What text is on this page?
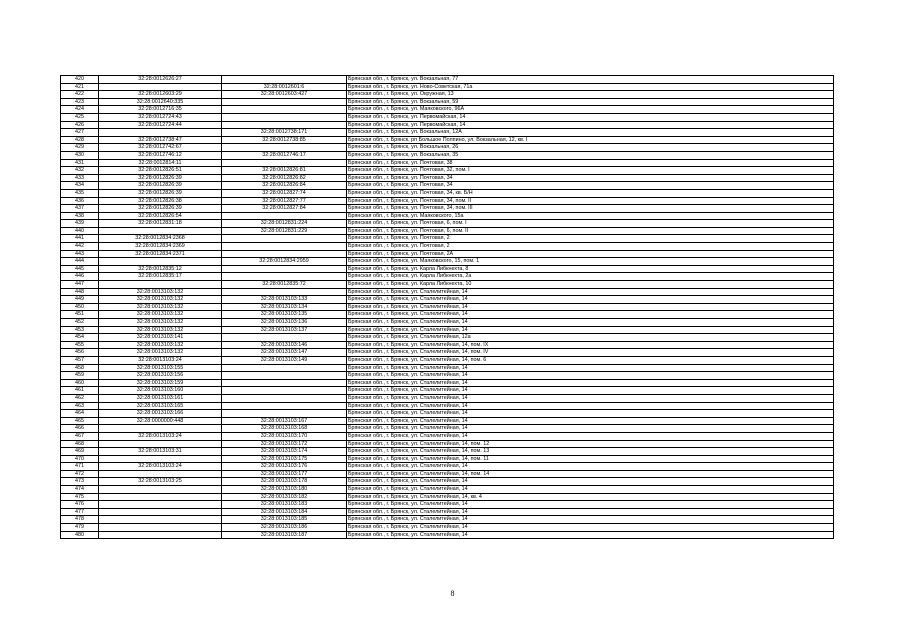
420	32:28:0012626:27		Брянская обл., г. Брянск, ул. Вокзальная, 77
421		32:28:0012601:6	Брянская обл., г. Брянск, ул. Ново-Советская, 71а
422	32:28:0012603:29	32:28:0012603:427	Брянская обл., г. Брянск, ул. Окружная, 13
423	32:28:0012640:335		Брянская обл., г. Брянск, ул. Вокзальная, 59
424	32:28:0012716:35		Брянская обл., г. Брянск, ул. Маяковского, 96А
425	32:28:0012724:43		Брянская обл., г. Брянск, ул. Первомайская, 14
426	32:28:0012724:44		Брянская обл., г. Брянск, ул. Первомайская, 14
427		32:28:0012738:171	Брянская обл., г. Брянск, ул. Вокзальная, 12А
428	32:28:0012738:47	32:28:0012738:85	Брянская обл., г. Брянск, рп Большое Полпино, ул. Вокзальная, 12, кв. I
429	32:28:0012742:67		Брянская обл., г. Брянск, ул. Вокзальная, 26
430	32:28:0012746:12	32:28:0012746:17	Брянская обл., г. Брянск, ул. Вокзальная, 35
431	32:28:0012814:11		Брянская обл., г. Брянск, ул. Почтовая, 38
432	32:28:0012826:51	32:28:0012826:81	Брянская обл., г. Брянск, ул. Почтовая, 32, пом. I
433	32:28:0012826:39	32:28:0012826:82	Брянская обл., г. Брянск, ул. Почтовая, 34
434	32:28:0012826:39	32:28:0012826:84	Брянская обл., г. Брянск, ул. Почтовая, 34
435	32:28:0012826:39	32:28:0012827:74	Брянская обл., г. Брянск, ул. Почтовая, 34, кв. Б/Н
436	32:28:0012826:38	32:28:0012827:77	Брянская обл., г. Брянск, ул. Почтовая, 34, пом. II
437	32:28:0012826:39	32:28:0012827:84	Брянская обл., г. Брянск, ул. Почтовая, 34, пом. III
438	32:28:0012826:54		Брянская обл., г. Брянск, ул. Маяковского, 15а
439	32:28:0012831:18	32:28:0012831:224	Брянская обл., г. Брянск, ул. Почтовая, 6, пом. I
440		32:28:0012831:229	Брянская обл., г. Брянск, ул. Почтовая, 6, пом. II
441	32:28:0012834:2368		Брянская обл., г. Брянск, ул. Почтовая, 2
442	32:28:0012834:2369		Брянская обл., г. Брянск, ул. Почтовая, 2
443	32:28:0012834:2371		Брянская обл., г. Брянск, ул. Почтовая, 2А
444		32:28:0012834:2959	Брянская обл., г. Брянск, ул. Маяковского, 15, пом. 1
445	32:28:0012835:12		Брянская обл., г. Брянск, ул. Карла Либкнехта, 8
446	32:28:0012835:17		Брянская обл., г. Брянск, ул. Карла Либкнехта, 2а
447		32:28:0012835:72	Брянская обл., г. Брянск, ул. Карла Либкнехта, 10
448	32:28:0013103:132		Брянская обл., г. Брянск, ул. Сталелитейная, 14
449	32:28:0013103:132	32:28:0013103:133	Брянская обл., г. Брянск, ул. Сталелитейная, 14
450	32:28:0013103:132	32:28:0013103:134	Брянская обл., г. Брянск, ул. Сталелитейная, 14
451	32:28:0013103:132	32:28:0013103:135	Брянская обл., г. Брянск, ул. Сталелитейная, 14
452	32:28:0013103:132	32:28:0013103:136	Брянская обл., г. Брянск, ул. Сталелитейная, 14
453	32:28:0013103:132	32:28:0013103:137	Брянская обл., г. Брянск, ул. Сталелитейная, 14
454	32:28:0013103:141		Брянская обл., г. Брянск, ул. Сталелитейная, 12а
455	32:28:0013103:132	32:28:0013103:146	Брянская обл., г. Брянск, ул. Сталелитейная, 14, пом. IX
456	32:28:0013103:132	32:28:0013103:147	Брянская обл., г. Брянск, ул. Сталелитейная, 14, пом. IV
457	32:28:0013103:24	32:28:0013103:149	Брянская обл., г. Брянск, ул. Сталелитейная, 14, пом. 6
458	32:28:0013103:155		Брянская обл., г. Брянск, ул. Сталелитейная, 14
459	32:28:0013103:156		Брянская обл., г. Брянск, ул. Сталелитейная, 14
460	32:28:0013103:159		Брянская обл., г. Брянск, ул. Сталелитейная, 14
461	32:28:0013103:160		Брянская обл., г. Брянск, ул. Сталелитейная, 14
462	32:28:0013103:161		Брянская обл., г. Брянск, ул. Сталелитейная, 14
463	32:28:0013103:165		Брянская обл., г. Брянск, ул. Сталелитейная, 14
464	32:28:0013103:166		Брянская обл., г. Брянск, ул. Сталелитейная, 14
465	32:28:0000000:448	32:28:0013103:167	Брянская обл., г. Брянск, ул. Сталелитейная, 14
466		32:28:0013103:168	Брянская обл., г. Брянск, ул. Сталелитейная, 14
467	32:28:0013103:24	32:28:0013103:170	Брянская обл., г. Брянск, ул. Сталелитейная, 14
468		32:28:0013103:172	Брянская обл., г. Брянск, ул. Сталелитейная, 14, пом. 12
469	32:28:0013103:31	32:28:0013103:174	Брянская обл., г. Брянск, ул. Сталелитейная, 14, пом. 13
470		32:28:0013103:175	Брянская обл., г. Брянск, ул. Сталелитейная, 14, пом. 11
471	32:28:0013103:24	32:28:0013103:176	Брянская обл., г. Брянск, ул. Сталелитейная, 14
472		32:28:0013103:177	Брянская обл., г. Брянск, ул. Сталелитейная, 14, пом. 14
473	32:28:0013103:25	32:28:0013103:178	Брянская обл., г. Брянск, ул. Сталелитейная, 14
474		32:28:0013103:180	Брянская обл., г. Брянск, ул. Сталелитейная, 14
475		32:28:0013103:182	Брянская обл., г. Брянск, ул. Сталелитейная, 14, кв. 4
476		32:28:0013103:183	Брянская обл., г. Брянск, ул. Сталелитейная, 14
477		32:28:0013103:184	Брянская обл., г. Брянск, ул. Сталелитейная, 14
478		32:28:0013103:185	Брянская обл., г. Брянск, ул. Сталелитейная, 14
479		32:28:0013103:186	Брянская обл., г. Брянск, ул. Сталелитейная, 14
480		32:28:0013103:187	Брянская обл., г. Брянск, ул. Сталелитейная, 14
8
